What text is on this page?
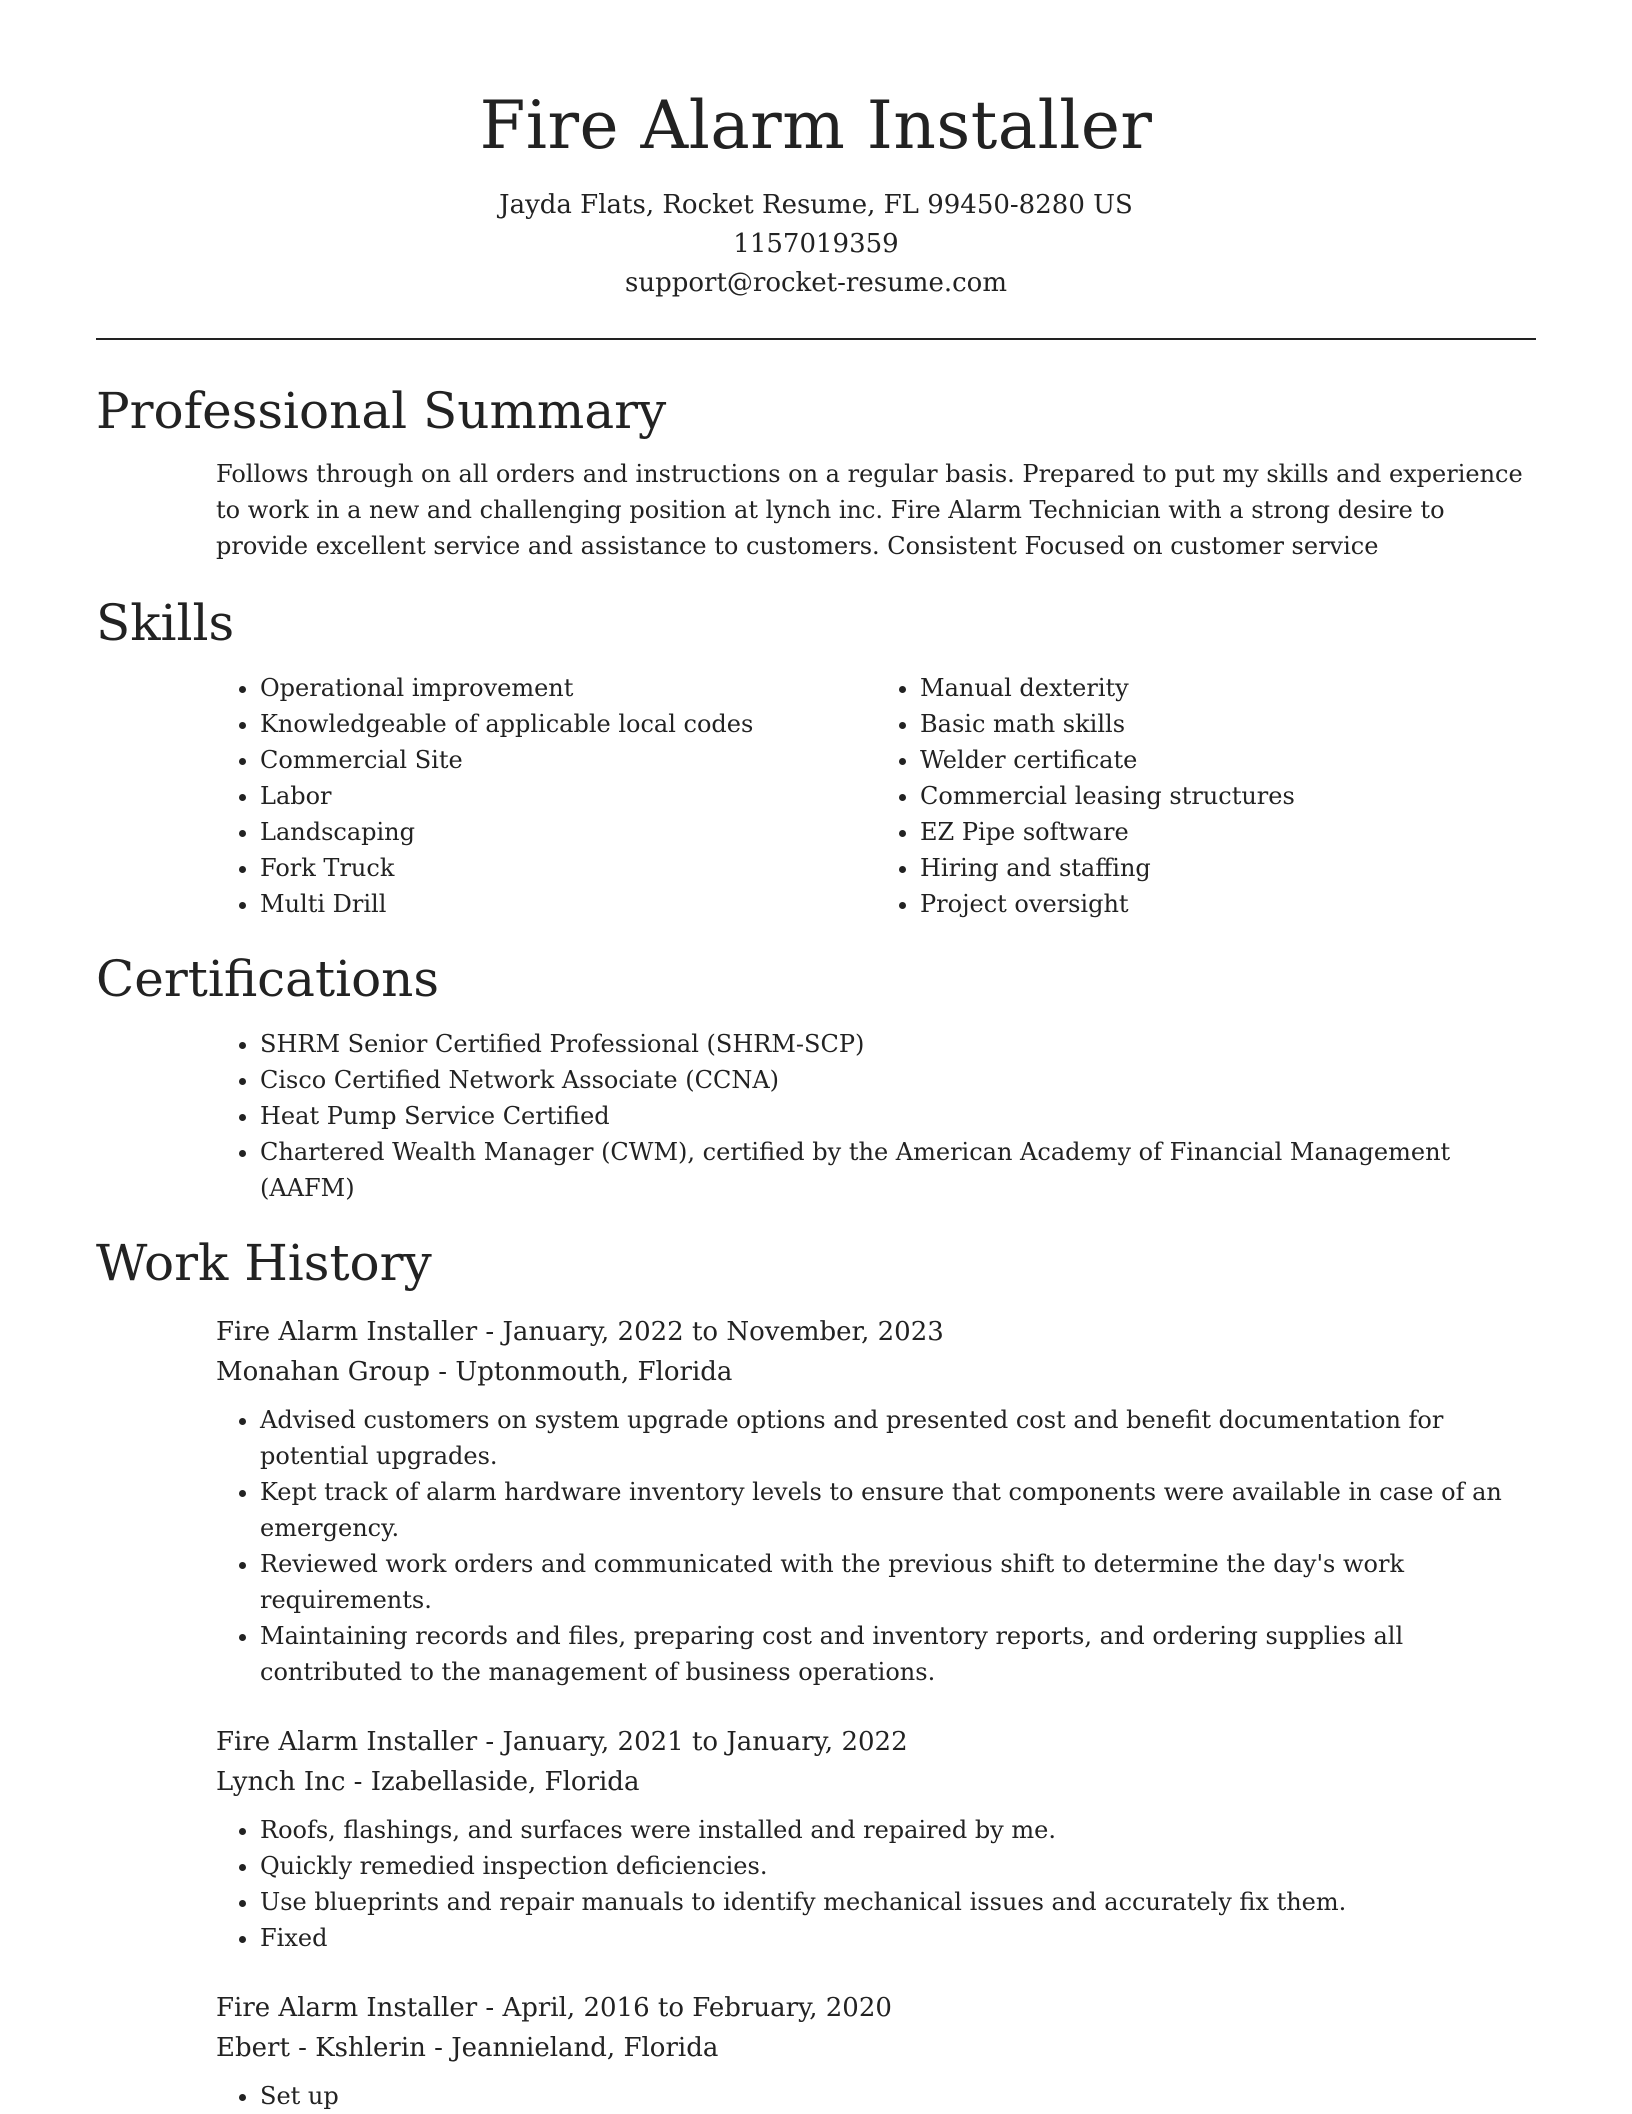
Fire Alarm Installer
Jayda Flats, Rocket Resume, FL 99450-8280 US
1157019359
support@rocket-resume.com
Professional Summary
Follows through on all orders and instructions on a regular basis. Prepared to put my skills and experience to work in a new and challenging position at lynch inc. Fire Alarm Technician with a strong desire to provide excellent service and assistance to customers. Consistent Focused on customer service
Skills
• Operational improvement
• Knowledgeable of applicable local codes
• Commercial Site
• Labor
• Landscaping
• Fork Truck
• Multi Drill
• Manual dexterity
• Basic math skills
• Welder certificate
• Commercial leasing structures
• EZ Pipe software
• Hiring and staffing
• Project oversight
Certifications
• SHRM Senior Certified Professional (SHRM-SCP)
• Cisco Certified Network Associate (CCNA)
• Heat Pump Service Certified
• Chartered Wealth Manager (CWM), certified by the American Academy of Financial Management (AAFM)
Work History
Fire Alarm Installer - January, 2022 to November, 2023
Monahan Group - Uptonmouth, Florida
• Advised customers on system upgrade options and presented cost and benefit documentation for potential upgrades.
• Kept track of alarm hardware inventory levels to ensure that components were available in case of an emergency.
• Reviewed work orders and communicated with the previous shift to determine the day's work requirements.
• Maintaining records and files, preparing cost and inventory reports, and ordering supplies all contributed to the management of business operations.
Fire Alarm Installer - January, 2021 to January, 2022
Lynch Inc - Izabellaside, Florida
• Roofs, flashings, and surfaces were installed and repaired by me.
• Quickly remedied inspection deficiencies.
• Use blueprints and repair manuals to identify mechanical issues and accurately fix them.
• Fixed
Fire Alarm Installer - April, 2016 to February, 2020
Ebert - Kshlerin - Jeannieland, Florida
• Set up
